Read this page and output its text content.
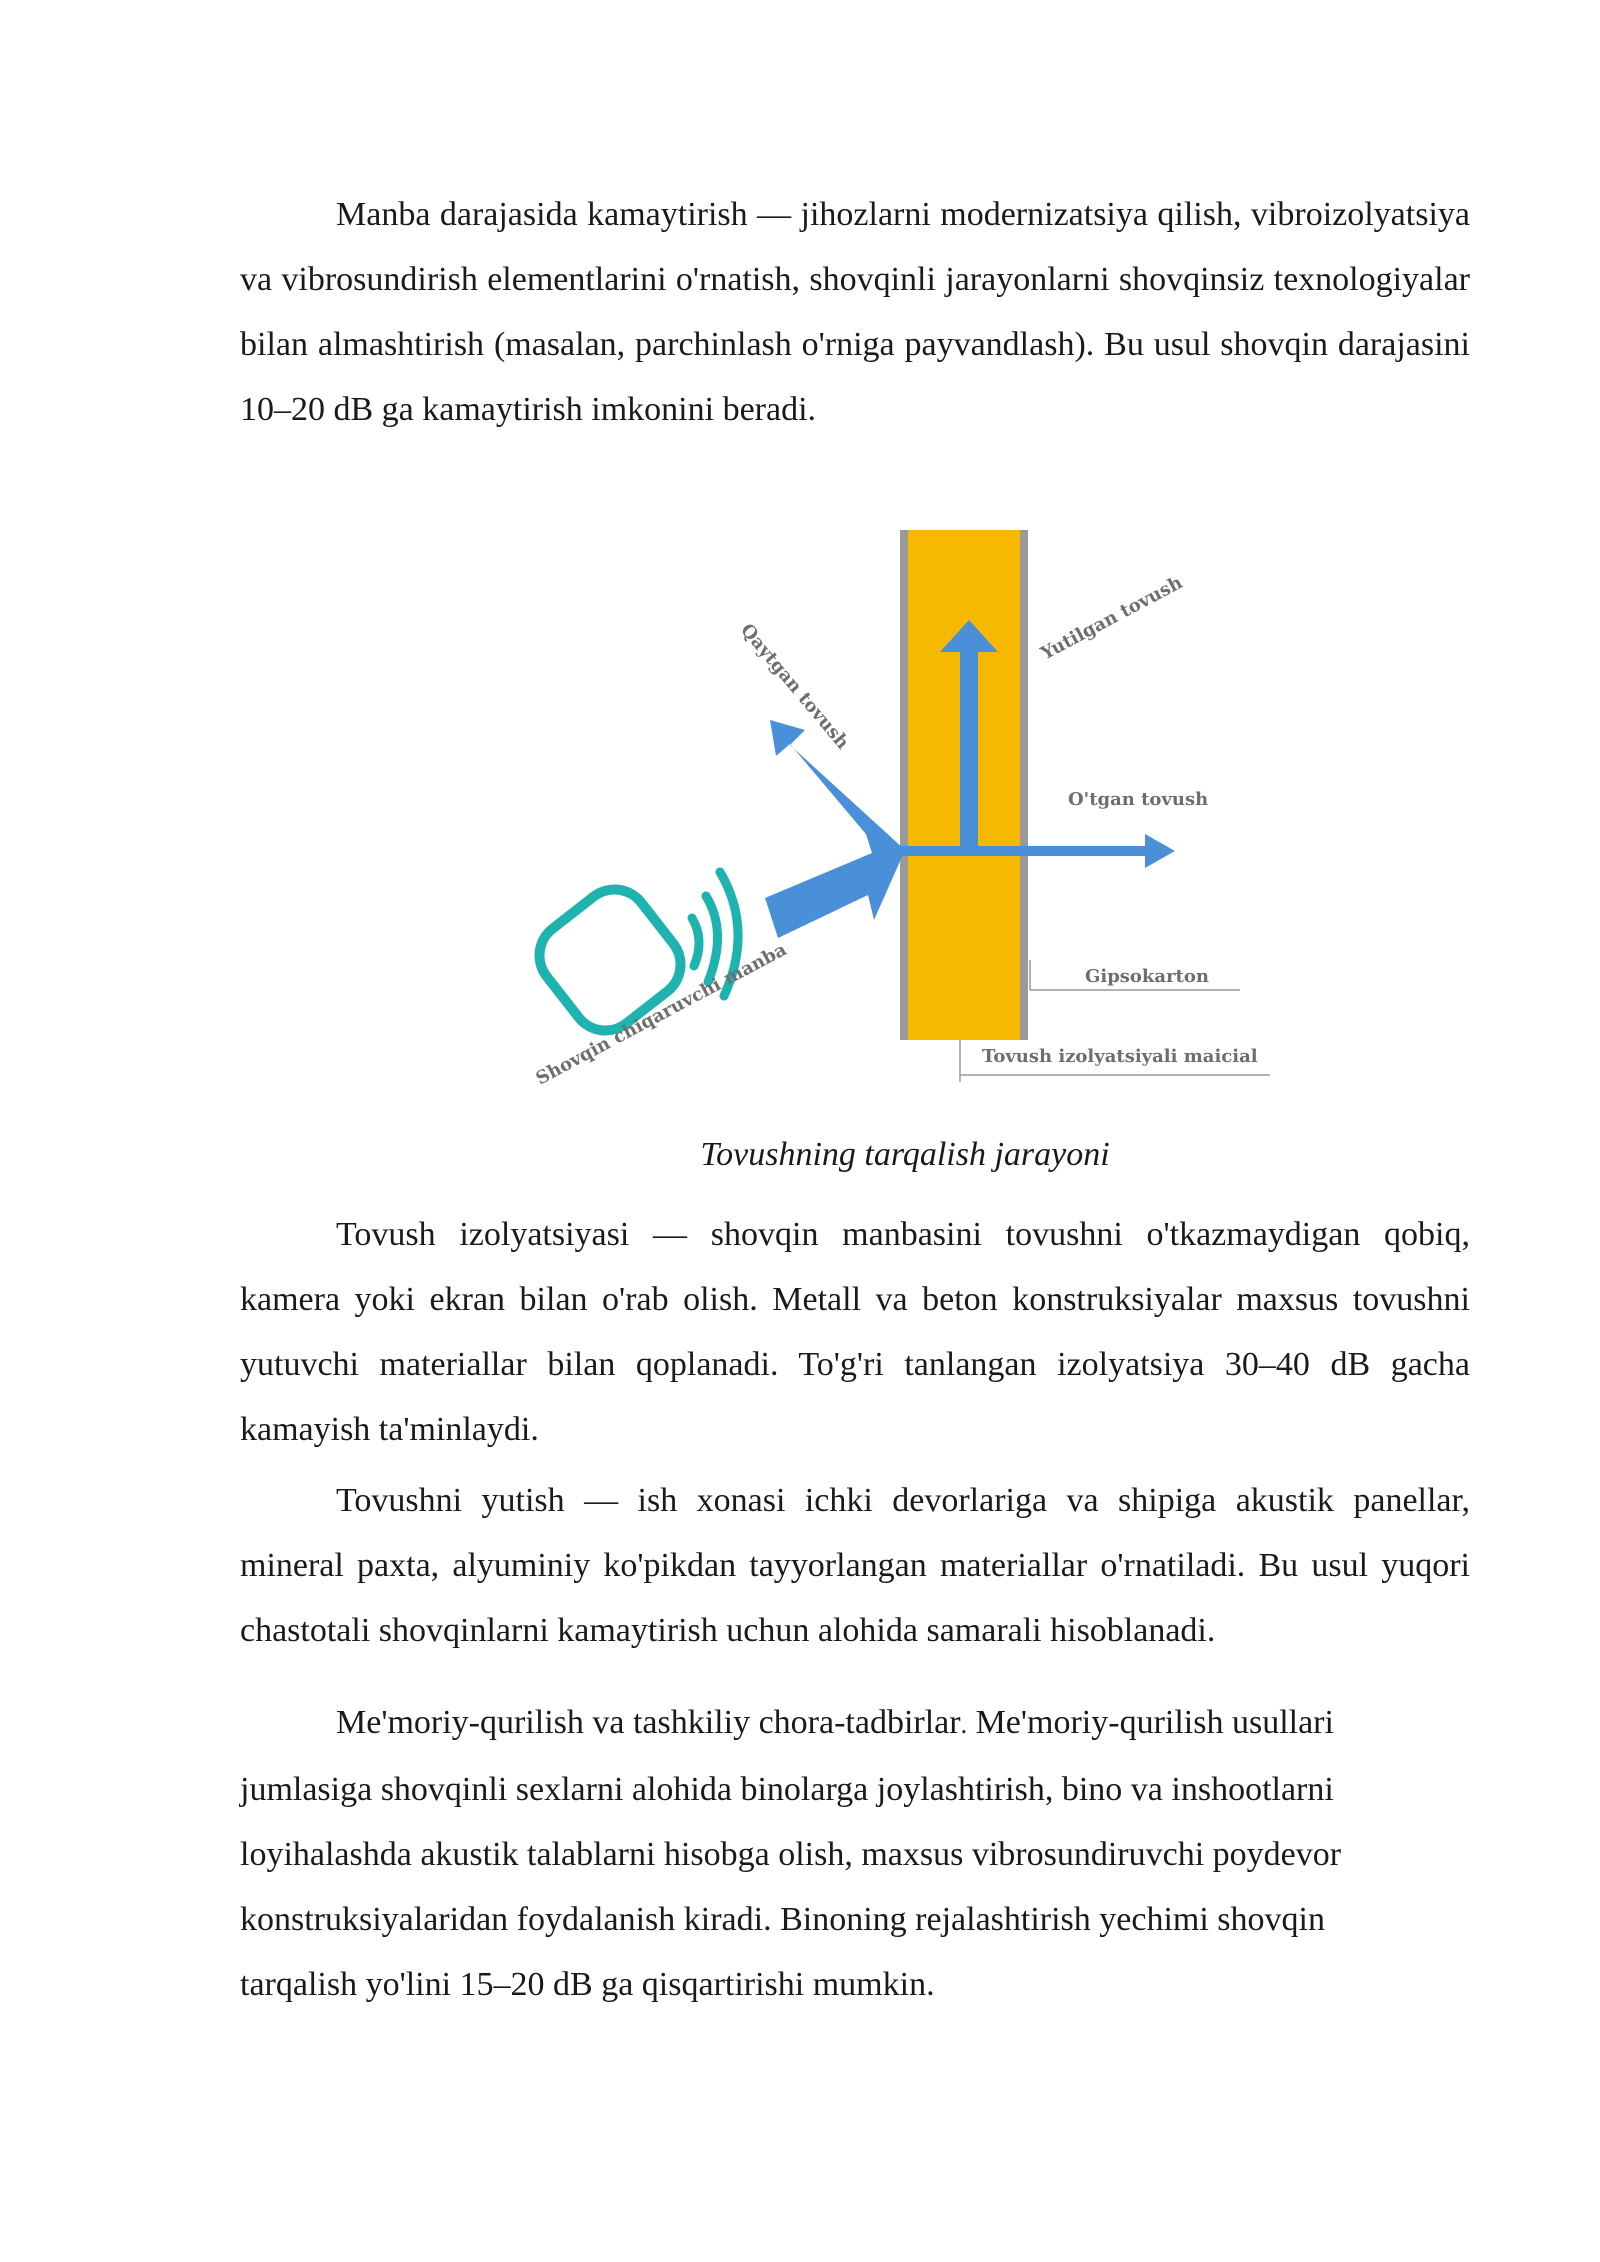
Manba darajasida kamaytirish — jihozlarni modernizatsiya qilish, vibroizolyatsiya va vibrosundirish elementlarini o'rnatish, shovqinli jarayonlarni shovqinsiz texnologiyalar bilan almashtirish (masalan, parchinlash o'rniga payvandlash). Bu usul shovqin darajasini 10–20 dB ga kamaytirish imkonini beradi.

Qaytgan tovush
Yutilgan tovush
O'tgan tovush
Gipsokarton
Tovush izolyatsiyali maicial
Shovqin chiqaruvchi manba

Tovushning tarqalish jarayoni

Tovush izolyatsiyasi — shovqin manbasini tovushni o'tkazmaydigan qobiq, kamera yoki ekran bilan o'rab olish. Metall va beton konstruksiyalar maxsus tovushni yutuvchi materiallar bilan qoplanadi. To'g'ri tanlangan izolyatsiya 30–40 dB gacha kamayish ta'minlaydi.

Tovushni yutish — ish xonasi ichki devorlariga va shipiga akustik panellar, mineral paxta, alyuminiy ko'pikdan tayyorlangan materiallar o'rnatiladi. Bu usul yuqori chastotali shovqinlarni kamaytirish uchun alohida samarali hisoblanadi.

Me'moriy-qurilish va tashkiliy chora-tadbirlar. Me'moriy-qurilish usullari jumlasiga shovqinli sexlarni alohida binolarga joylashtirish, bino va inshootlarni loyihalashda akustik talablarni hisobga olish, maxsus vibrosundiruvchi poydevor konstruksiyalaridan foydalanish kiradi. Binoning rejalashtirish yechimi shovqin tarqalish yo'lini 15–20 dB ga qisqartirishi mumkin.
